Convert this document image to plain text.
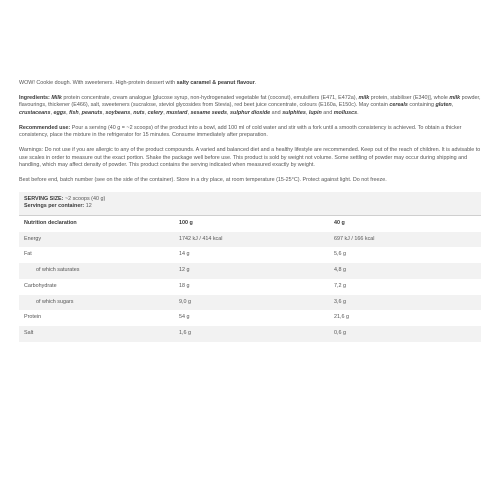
WOW! Cookie dough. With sweeteners. High-protein dessert with salty caramel & peanut flavour.

Ingredients: Milk protein concentrate, cream analogue [glucose syrup, non-hydrogenated vegetable fat (coconut), emulsifiers (E471, E472a), milk protein, stabiliser (E340)], whole milk powder, flavourings, thickener (E466), salt, sweeteners (sucralose, steviol glycosides from Stevia), red beet juice concentrate, colours (E160a, E150c). May contain cereals containing gluten, crustaceans, eggs, fish, peanuts, soybeans, nuts, celery, mustard, sesame seeds, sulphur dioxide and sulphites, lupin and molluscs.

Recommended use: Pour a serving (40 g = ~2 scoops) of the product into a bowl, add 100 ml of cold water and stir with a fork until a smooth consistency is achieved. To obtain a thicker consistency, place the mixture in the refrigerator for 15 minutes. Consume immediately after preparation.

Warnings: Do not use if you are allergic to any of the product compounds. A varied and balanced diet and a healthy lifestyle are recommended. Keep out of the reach of children. It is advisable to use scales in order to measure out the exact portion. Shake the package well before use. This product is sold by weight not volume. Some settling of powder may occur during shipping and handling, which may affect density of powder. This product contains the serving indicated when measured exactly by weight.

Best before end, batch number (see on the side of the container). Store in a dry place, at room temperature (15-25°C). Protect against light. Do not freeze.

SERVING SIZE: ~2 scoops (40 g)
Servings per container: 12
Nutrition declaration	100 g	40 g
Energy	1742 kJ / 414 kcal	697 kJ / 166 kcal
Fat	14 g	5,6 g
of which saturates	12 g	4,8 g
Carbohydrate	18 g	7,2 g
of which sugars	9,0 g	3,6 g
Protein	54 g	21,6 g
Salt	1,6 g	0,6 g
